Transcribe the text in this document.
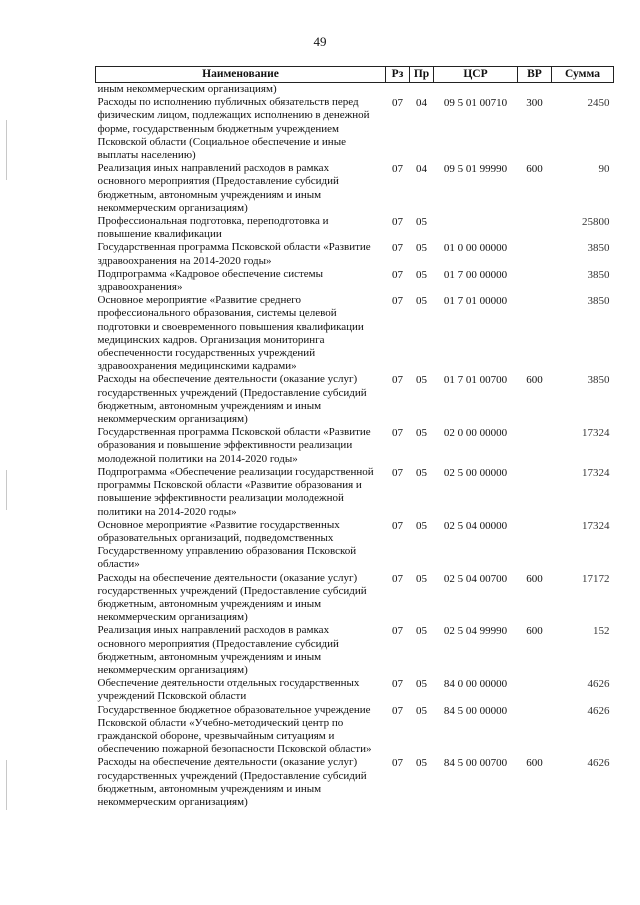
49
Наименование	Рз	Пр	ЦСР	ВР	Сумма
иным некоммерческим организациям)					
Расходы по исполнению публичных обязательств перед физическим лицом, подлежащих исполнению в денежной форме, государственным бюджетным учреждением Псковской области (Социальное обеспечение и иные выплаты населению)	07	04	09 5 01 00710	300	2450
Реализация иных направлений расходов в рамках основного мероприятия (Предоставление субсидий бюджетным, автономным учреждениям и иным некоммерческим организациям)	07	04	09 5 01 99990	600	90
Профессиональная подготовка, переподготовка и повышение квалификации	07	05			25800
Государственная программа Псковской области «Развитие здравоохранения на 2014-2020 годы»	07	05	01 0 00 00000		3850
Подпрограмма «Кадровое обеспечение системы здравоохранения»	07	05	01 7 00 00000		3850
Основное мероприятие «Развитие среднего профессионального образования, системы целевой подготовки и своевременного повышения квалификации медицинских кадров. Организация мониторинга обеспеченности государственных учреждений здравоохранения медицинскими кадрами»	07	05	01 7 01 00000		3850
Расходы на обеспечение деятельности (оказание услуг) государственных учреждений (Предоставление субсидий бюджетным, автономным учреждениям и иным некоммерческим организациям)	07	05	01 7 01 00700	600	3850
Государственная программа Псковской области «Развитие образования и повышение эффективности реализации молодежной политики на 2014-2020 годы»	07	05	02 0 00 00000		17324
Подпрограмма «Обеспечение реализации государственной программы Псковской области «Развитие образования и повышение эффективности реализации молодежной политики на 2014-2020 годы»	07	05	02 5 00 00000		17324
Основное мероприятие «Развитие государственных образовательных организаций, подведомственных Государственному управлению образования Псковской области»	07	05	02 5 04 00000		17324
Расходы на обеспечение деятельности (оказание услуг) государственных учреждений (Предоставление субсидий бюджетным, автономным учреждениям и иным некоммерческим организациям)	07	05	02 5 04 00700	600	17172
Реализация иных направлений расходов в рамках основного мероприятия (Предоставление субсидий бюджетным, автономным учреждениям и иным некоммерческим организациям)	07	05	02 5 04 99990	600	152
Обеспечение деятельности отдельных государственных учреждений Псковской области	07	05	84 0 00 00000		4626
Государственное бюджетное образовательное учреждение Псковской области «Учебно-методический центр по гражданской обороне, чрезвычайным ситуациям и обеспечению пожарной безопасности Псковской области»	07	05	84 5 00 00000		4626
Расходы на обеспечение деятельности (оказание услуг) государственных учреждений (Предоставление субсидий бюджетным, автономным учреждениям и иным некоммерческим организациям)	07	05	84 5 00 00700	600	4626
